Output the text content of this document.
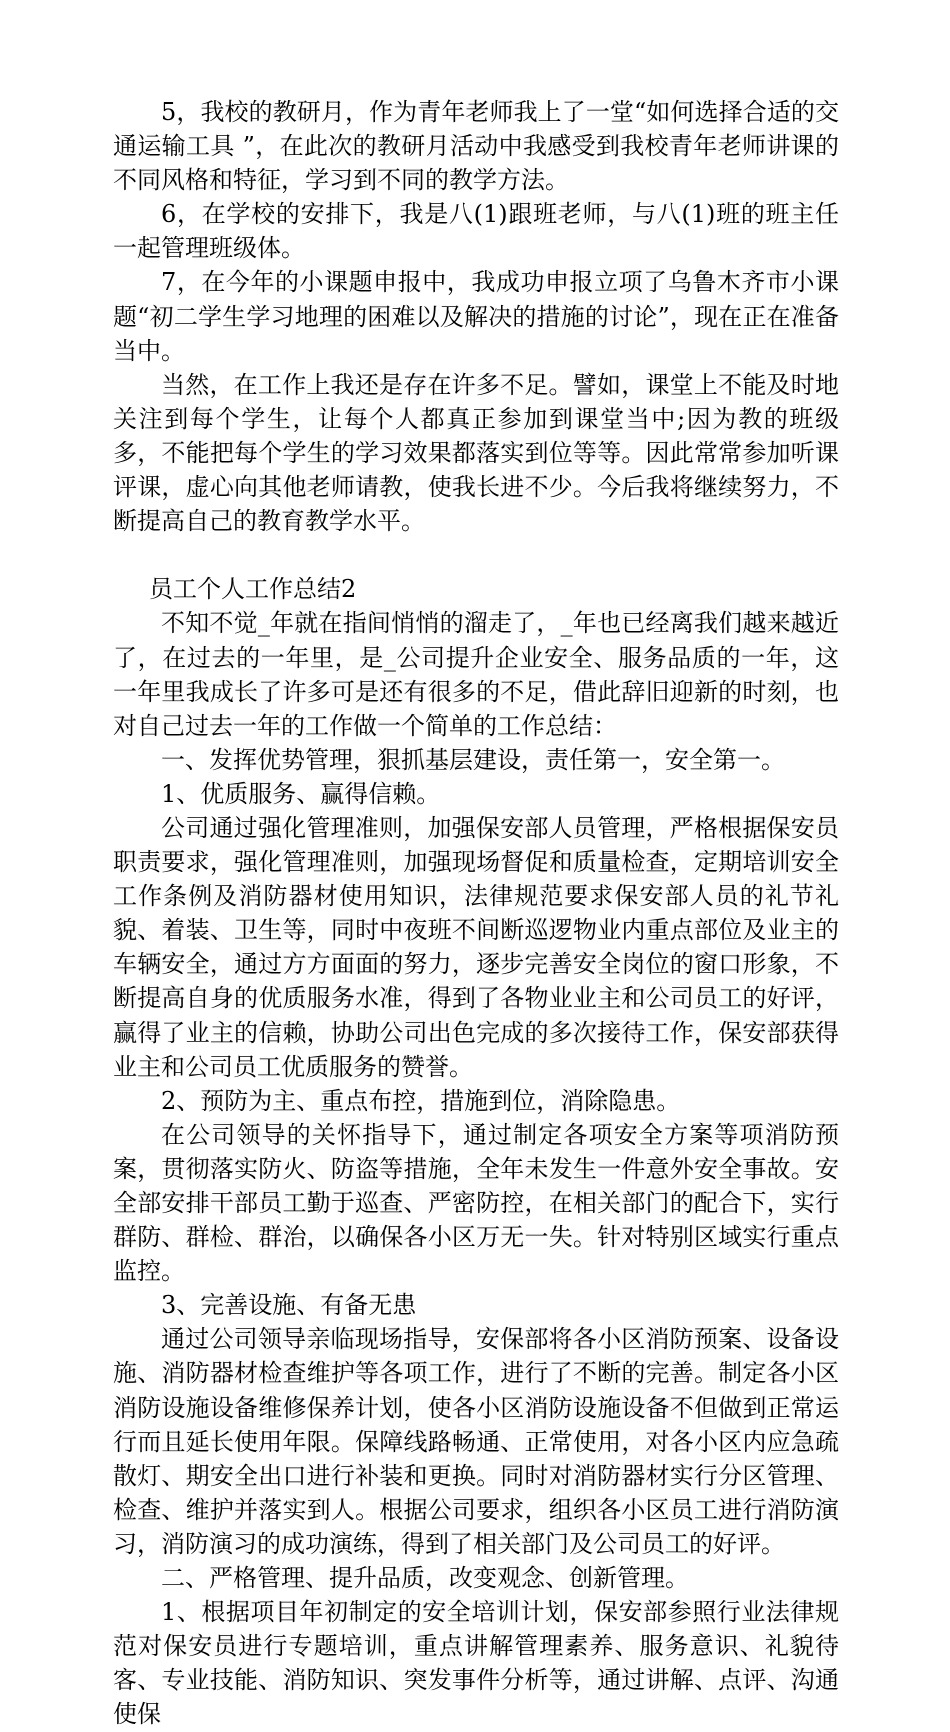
5，我校的教研月，作为青年老师我上了一堂“如何选择合适的交通运输工具 ”，在此次的教研月活动中我感受到我校青年老师讲课的不同风格和特征，学习到不同的教学方法。

6，在学校的安排下，我是八(1)跟班老师，与八(1)班的班主任一起管理班级体。

7，在今年的小课题申报中，我成功申报立项了乌鲁木齐市小课题“初二学生学习地理的困难以及解决的措施的讨论”，现在正在准备当中。

当然，在工作上我还是存在许多不足。譬如，课堂上不能及时地关注到每个学生，让每个人都真正参加到课堂当中;因为教的班级多，不能把每个学生的学习效果都落实到位等等。因此常常参加听课评课，虚心向其他老师请教，使我长进不少。今后我将继续努力，不断提高自己的教育教学水平。

员工个人工作总结2

不知不觉_年就在指间悄悄的溜走了，_年也已经离我们越来越近了，在过去的一年里，是_公司提升企业安全、服务品质的一年，这一年里我成长了许多可是还有很多的不足，借此辞旧迎新的时刻，也对自己过去一年的工作做一个简单的工作总结：

一、发挥优势管理，狠抓基层建设，责任第一，安全第一。

1、优质服务、赢得信赖。

公司通过强化管理准则，加强保安部人员管理，严格根据保安员职责要求，强化管理准则，加强现场督促和质量检查，定期培训安全工作条例及消防器材使用知识，法律规范要求保安部人员的礼节礼貌、着装、卫生等，同时中夜班不间断巡逻物业内重点部位及业主的车辆安全，通过方方面面的努力，逐步完善安全岗位的窗口形象，不断提高自身的优质服务水准，得到了各物业业主和公司员工的好评，赢得了业主的信赖，协助公司出色完成的多次接待工作，保安部获得业主和公司员工优质服务的赞誉。

2、预防为主、重点布控，措施到位，消除隐患。

在公司领导的关怀指导下，通过制定各项安全方案等项消防预案，贯彻落实防火、防盗等措施，全年未发生一件意外安全事故。安全部安排干部员工勤于巡查、严密防控，在相关部门的配合下，实行群防、群检、群治，以确保各小区万无一失。针对特别区域实行重点监控。

3、完善设施、有备无患

通过公司领导亲临现场指导，安保部将各小区消防预案、设备设施、消防器材检查维护等各项工作，进行了不断的完善。制定各小区消防设施设备维修保养计划，使各小区消防设施设备不但做到正常运行而且延长使用年限。保障线路畅通、正常使用，对各小区内应急疏散灯、期安全出口进行补装和更换。同时对消防器材实行分区管理、检查、维护并落实到人。根据公司要求，组织各小区员工进行消防演习，消防演习的成功演练，得到了相关部门及公司员工的好评。

二、严格管理、提升品质，改变观念、创新管理。

1、根据项目年初制定的安全培训计划，保安部参照行业法律规范对保安员进行专题培训，重点讲解管理素养、服务意识、礼貌待客、专业技能、消防知识、突发事件分析等，通过讲解、点评、沟通使保
